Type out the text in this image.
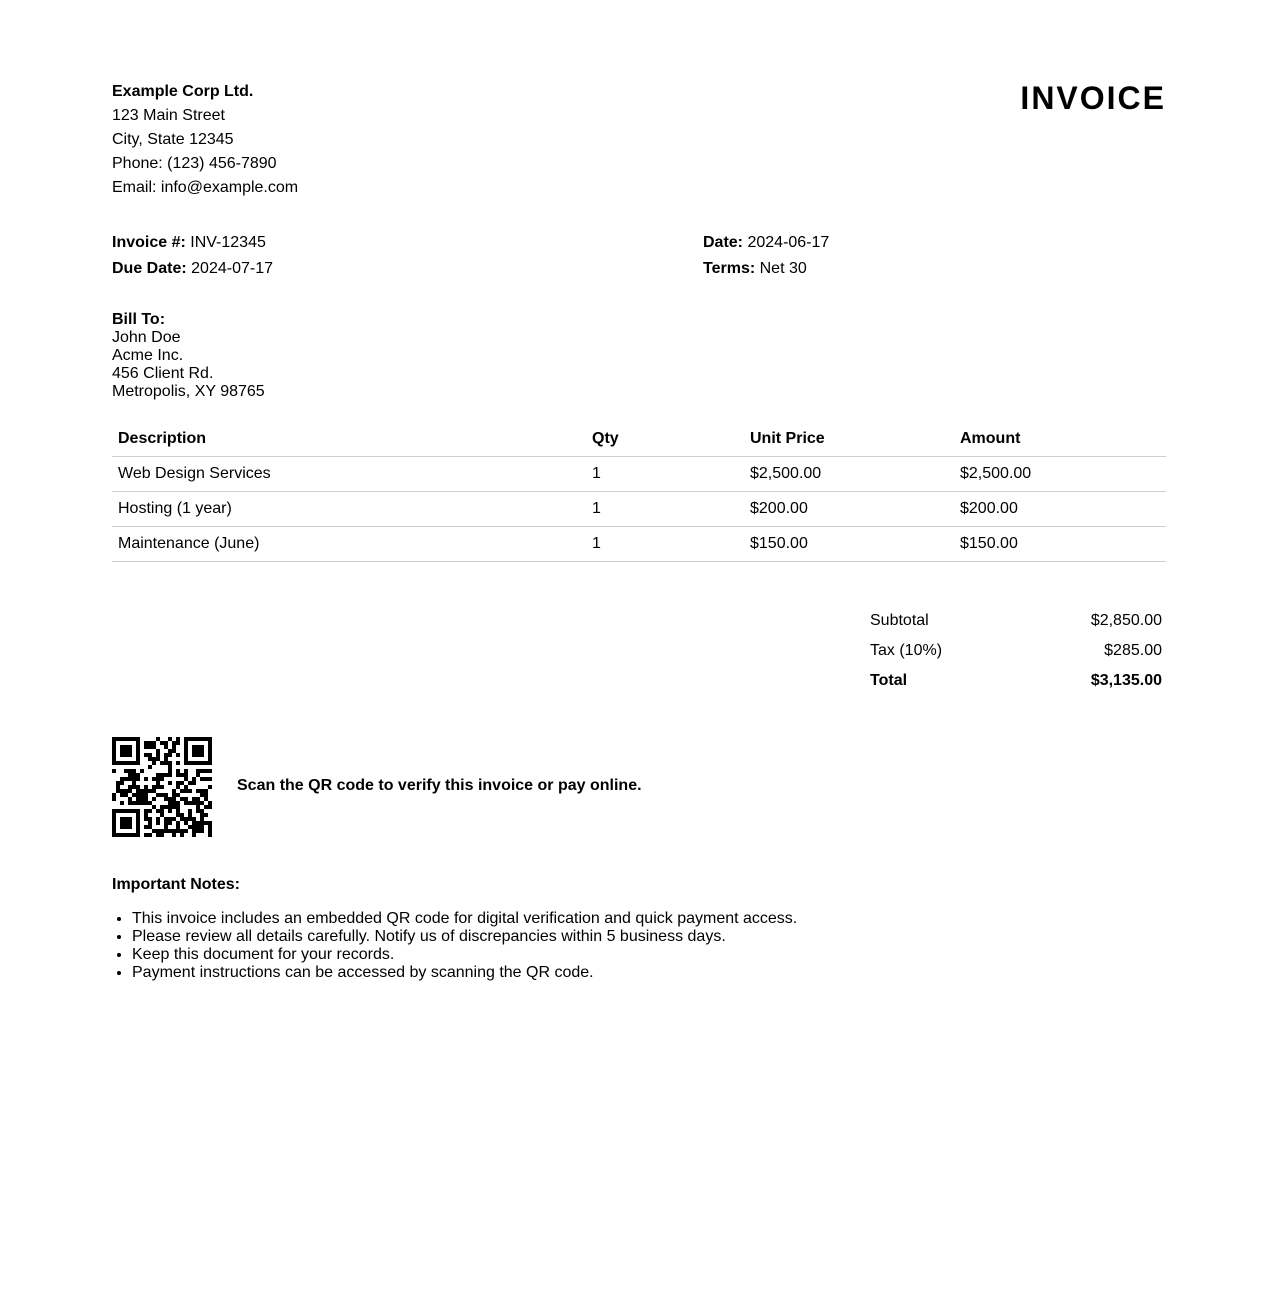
Example Corp Ltd.
123 Main Street
City, State 12345
Phone: (123) 456-7890
Email: info@example.com
INVOICE
Invoice #: INV-12345
Due Date: 2024-07-17
Date: 2024-06-17
Terms: Net 30
Bill To:
John Doe
Acme Inc.
456 Client Rd.
Metropolis, XY 98765
Description	Qty	Unit Price	Amount
Web Design Services	1	$2,500.00	$2,500.00
Hosting (1 year)	1	$200.00	$200.00
Maintenance (June)	1	$150.00	$150.00
Subtotal	$2,850.00
Tax (10%)	$285.00
Total	$3,135.00
Scan the QR code to verify this invoice or pay online.
Important Notes:
• This invoice includes an embedded QR code for digital verification and quick payment access.
• Please review all details carefully. Notify us of discrepancies within 5 business days.
• Keep this document for your records.
• Payment instructions can be accessed by scanning the QR code.
